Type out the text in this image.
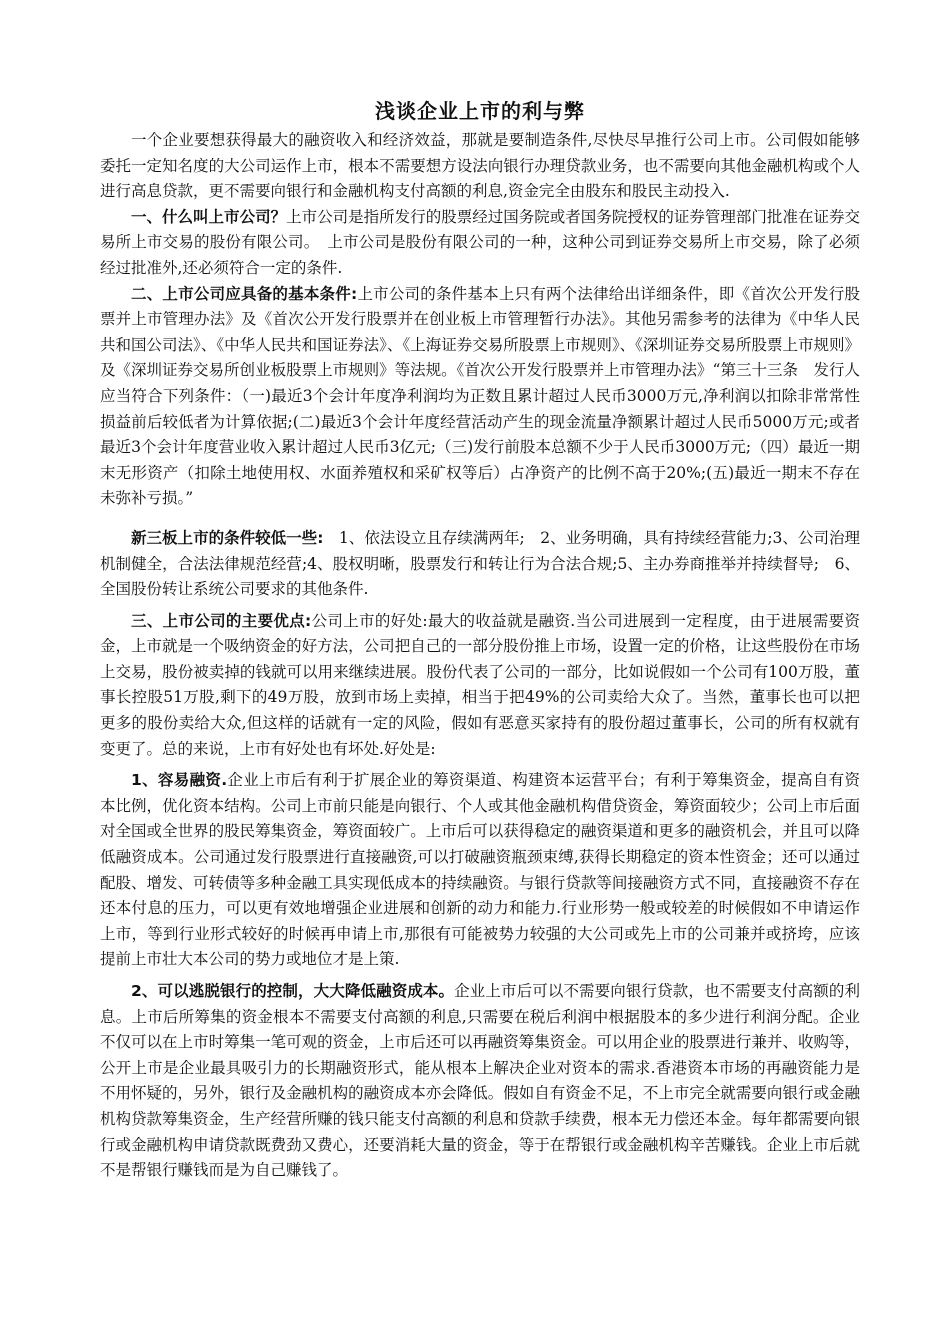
浅谈企业上市的利与弊

一个企业要想获得最大的融资收入和经济效益，那就是要制造条件,尽快尽早推行公司上市。公司假如能够委托一定知名度的大公司运作上市，根本不需要想方设法向银行办理贷款业务，也不需要向其他金融机构或个人进行高息贷款，更不需要向银行和金融机构支付高额的利息,资金完全由股东和股民主动投入.

一、什么叫上市公司？上市公司是指所发行的股票经过国务院或者国务院授权的证券管理部门批准在证券交易所上市交易的股份有限公司。　上市公司是股份有限公司的一种，这种公司到证券交易所上市交易，除了必须经过批准外,还必须符合一定的条件.

二、上市公司应具备的基本条件:上市公司的条件基本上只有两个法律给出详细条件，即《首次公开发行股票并上市管理办法》及《首次公开发行股票并在创业板上市管理暂行办法》。其他另需参考的法律为《中华人民共和国公司法》、《中华人民共和国证券法》、《上海证券交易所股票上市规则》、《深圳证券交易所股票上市规则》及《深圳证券交易所创业板股票上市规则》等法规。《首次公开发行股票并上市管理办法》“第三十三条　发行人应当符合下列条件：（一)最近3个会计年度净利润均为正数且累计超过人民币3000万元,净利润以扣除非常常性损益前后较低者为计算依据;(二)最近3个会计年度经营活动产生的现金流量净额累计超过人民币5000万元;或者最近3个会计年度营业收入累计超过人民币3亿元;（三)发行前股本总额不少于人民币3000万元;（四）最近一期末无形资产（扣除土地使用权、水面养殖权和采矿权等后）占净资产的比例不高于20%;(五)最近一期末不存在未弥补亏损。”

新三板上市的条件较低一些:　1、依法设立且存续满两年;　2、业务明确，具有持续经营能力;3、公司治理机制健全，合法法律规范经营;4、股权明晰，股票发行和转让行为合法合规;5、主办券商推举并持续督导;　6、全国股份转让系统公司要求的其他条件.

三、上市公司的主要优点:公司上市的好处:最大的收益就是融资.当公司进展到一定程度，由于进展需要资金，上市就是一个吸纳资金的好方法，公司把自己的一部分股份推上市场，设置一定的价格，让这些股份在市场上交易，股份被卖掉的钱就可以用来继续进展。股份代表了公司的一部分，比如说假如一个公司有100万股，董事长控股51万股,剩下的49万股，放到市场上卖掉，相当于把49%的公司卖给大众了。当然，董事长也可以把更多的股份卖给大众,但这样的话就有一定的风险，假如有恶意买家持有的股份超过董事长，公司的所有权就有变更了。总的来说，上市有好处也有坏处.好处是:

1、容易融资.企业上市后有利于扩展企业的筹资渠道、构建资本运营平台；有利于筹集资金，提高自有资本比例，优化资本结构。公司上市前只能是向银行、个人或其他金融机构借贷资金，筹资面较少；公司上市后面对全国或全世界的股民筹集资金，筹资面较广。上市后可以获得稳定的融资渠道和更多的融资机会，并且可以降低融资成本。公司通过发行股票进行直接融资,可以打破融资瓶颈束缚,获得长期稳定的资本性资金；还可以通过配股、增发、可转债等多种金融工具实现低成本的持续融资。与银行贷款等间接融资方式不同，直接融资不存在还本付息的压力，可以更有效地增强企业进展和创新的动力和能力.行业形势一般或较差的时候假如不申请运作上市，等到行业形式较好的时候再申请上市,那很有可能被势力较强的大公司或先上市的公司兼并或挤垮，应该提前上市壮大本公司的势力或地位才是上策.

2、可以逃脱银行的控制，大大降低融资成本。企业上市后可以不需要向银行贷款，也不需要支付高额的利息。上市后所筹集的资金根本不需要支付高额的利息,只需要在税后利润中根据股本的多少进行利润分配。企业不仅可以在上市时筹集一笔可观的资金，上市后还可以再融资筹集资金。可以用企业的股票进行兼并、收购等，公开上市是企业最具吸引力的长期融资形式，能从根本上解决企业对资本的需求.香港资本市场的再融资能力是不用怀疑的，另外，银行及金融机构的融资成本亦会降低。假如自有资金不足，不上市完全就需要向银行或金融机构贷款筹集资金，生产经营所赚的钱只能支付高额的利息和贷款手续费，根本无力偿还本金。每年都需要向银行或金融机构申请贷款既费劲又费心，还要消耗大量的资金，等于在帮银行或金融机构辛苦赚钱。企业上市后就不是帮银行赚钱而是为自己赚钱了。
